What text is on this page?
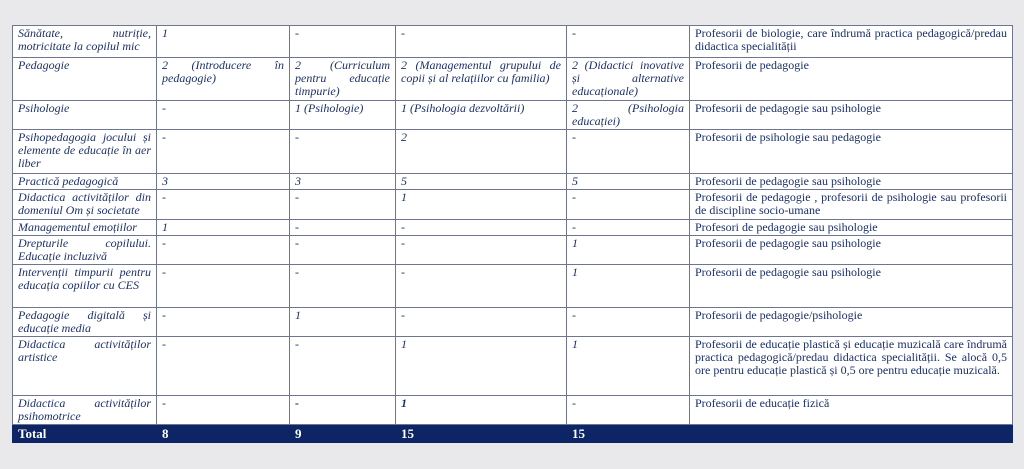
Sănătate, nutriție, motricitate la copilul mic	1	-	-	-	Profesorii de biologie, care îndrumă practica pedagogică/predau didactica specialității
Pedagogie	2 (Introducere în pedagogie)	2 (Curriculum pentru educație timpurie)	2 (Managementul grupului de copii și al relațiilor cu familia)	2 (Didactici inovative și alternative educaționale)	Profesorii de pedagogie
Psihologie	-	1 (Psihologie)	1 (Psihologia dezvoltării)	2 (Psihologia educației)	Profesorii de pedagogie sau psihologie
Psihopedagogia jocului și elemente de educație în aer liber	-	-	2	-	Profesorii de psihologie sau pedagogie
Practică pedagogică	3	3	5	5	Profesorii de pedagogie sau psihologie
Didactica activităților din domeniul Om și societate	-	-	1	-	Profesorii de pedagogie , profesorii de psihologie sau profesorii de discipline socio-umane
Managementul emoțiilor	1	-	-	-	Profesori de pedagogie sau psihologie
Drepturile copilului. Educație incluzivă	-	-	-	1	Profesorii de pedagogie sau psihologie
Intervenții timpurii pentru educația copiilor cu CES	-	-	-	1	Profesorii de pedagogie sau psihologie
Pedagogie digitală și educație media	-	1	-	-	Profesorii de pedagogie/psihologie
Didactica activităților artistice	-	-	1	1	Profesorii de educație plastică și educație muzicală care îndrumă practica pedagogică/predau didactica specialității. Se alocă 0,5 ore pentru educație plastică și 0,5 ore pentru educație muzicală.
Didactica activităților psihomotrice	-	-	1	-	Profesorii de educație fizică
Total	8	9	15	15	
